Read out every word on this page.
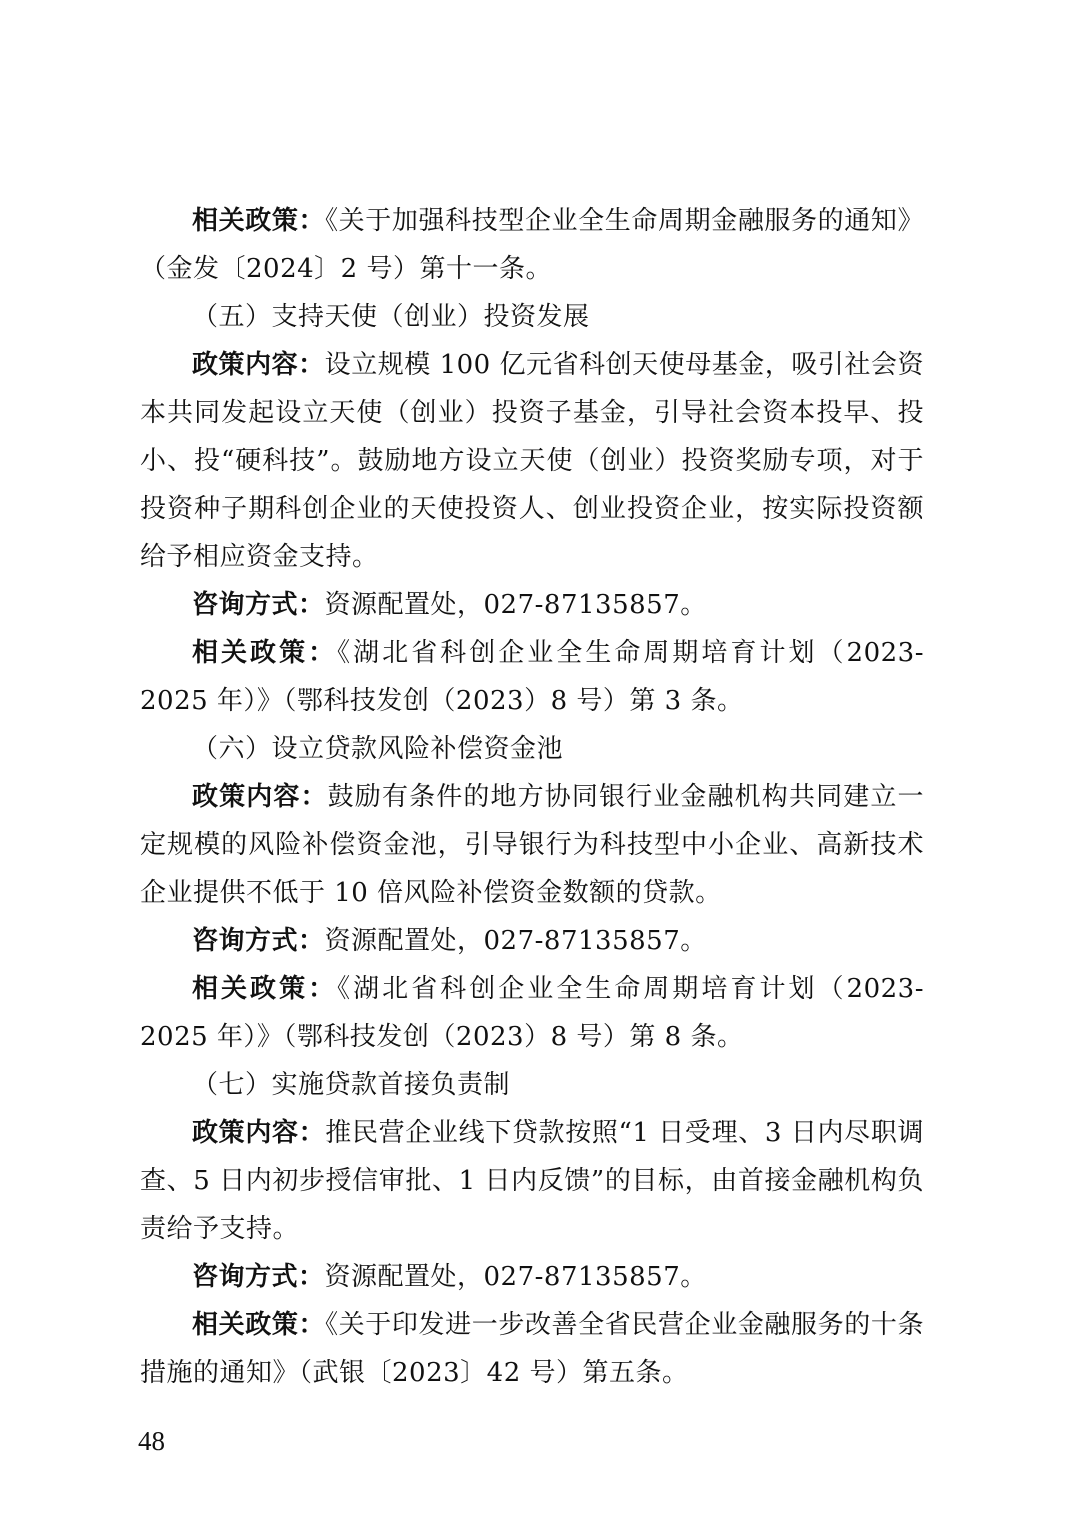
相关政策：《关于加强科技型企业全生命周期金融服务的通知》（金发〔2024〕2 号）第十一条。

（五）支持天使（创业）投资发展

政策内容：设立规模 100 亿元省科创天使母基金，吸引社会资本共同发起设立天使（创业）投资子基金，引导社会资本投早、投小、投“硬科技”。鼓励地方设立天使（创业）投资奖励专项，对于投资种子期科创企业的天使投资人、创业投资企业，按实际投资额给予相应资金支持。

咨询方式：资源配置处，027-87135857。

相关政策：《湖北省科创企业全生命周期培育计划（2023-2025 年）》（鄂科技发创（2023）8 号）第 3 条。

（六）设立贷款风险补偿资金池

政策内容：鼓励有条件的地方协同银行业金融机构共同建立一定规模的风险补偿资金池，引导银行为科技型中小企业、高新技术企业提供不低于 10 倍风险补偿资金数额的贷款。

咨询方式：资源配置处，027-87135857。

相关政策：《湖北省科创企业全生命周期培育计划（2023-2025 年）》（鄂科技发创（2023）8 号）第 8 条。

（七）实施贷款首接负责制

政策内容：推民营企业线下贷款按照“1 日受理、3 日内尽职调查、5 日内初步授信审批、1 日内反馈”的目标，由首接金融机构负责给予支持。

咨询方式：资源配置处，027-87135857。

相关政策：《关于印发进一步改善全省民营企业金融服务的十条措施的通知》（武银〔2023〕42 号）第五条。

48
